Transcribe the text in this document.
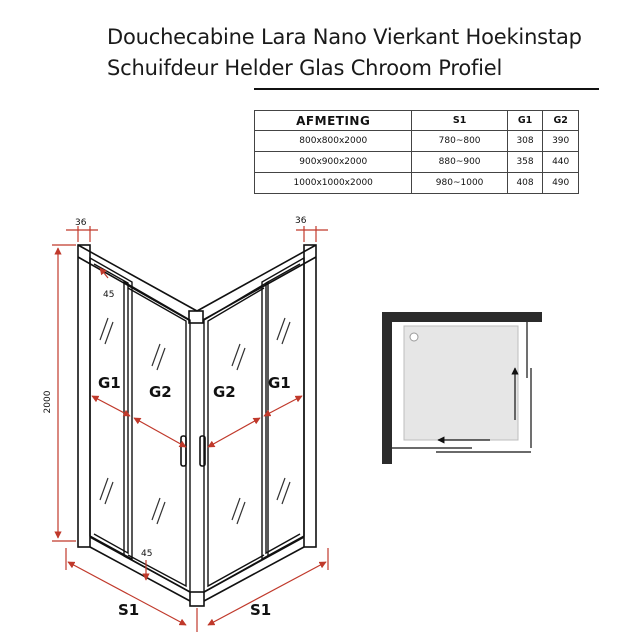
Douchecabine Lara Nano Vierkant Hoekinstap
Schuifdeur Helder Glas Chroom Profiel
AFMETING	S1	G1	G2
800x800x2000	780~800	308	390
900x900x2000	880~900	358	440
1000x1000x2000	980~1000	408	490
36	36
45
45
2000
G1 G2	G2 G1
S1	S1
